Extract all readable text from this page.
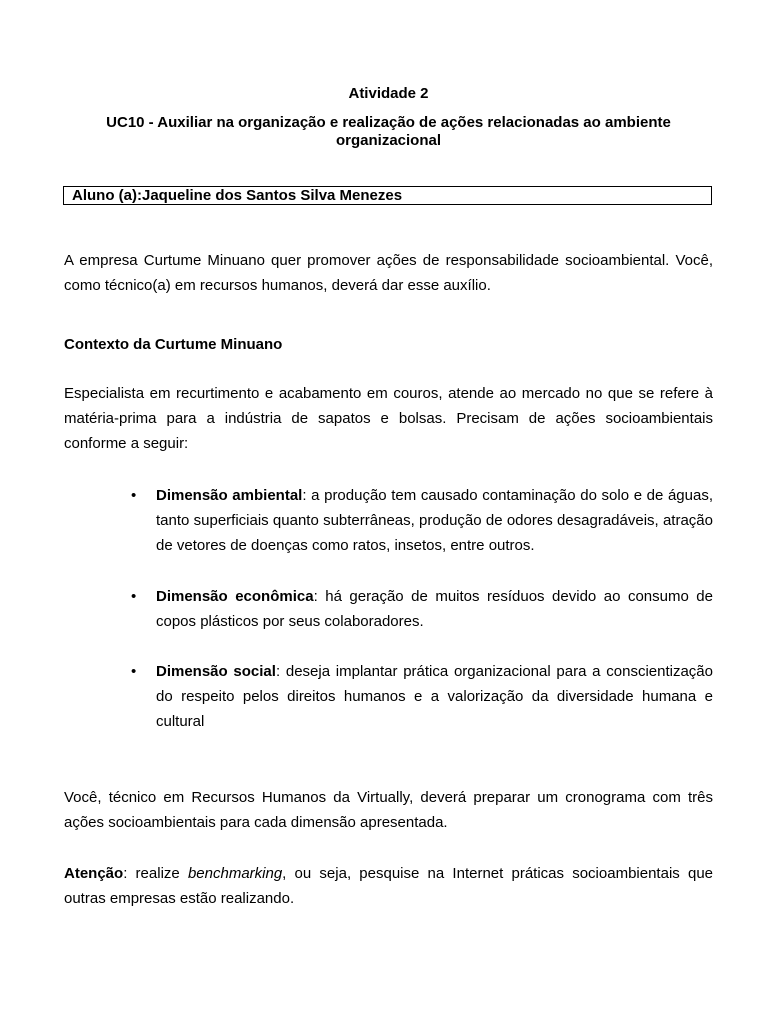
Atividade 2
UC10 - Auxiliar na organização e realização de ações relacionadas ao ambiente organizacional
Aluno (a):Jaqueline dos Santos Silva Menezes

A empresa Curtume Minuano quer promover ações de responsabilidade socioambiental. Você, como técnico(a) em recursos humanos, deverá dar esse auxílio.

Contexto da Curtume Minuano

Especialista em recurtimento e acabamento em couros, atende ao mercado no que se refere à matéria-prima para a indústria de sapatos e bolsas. Precisam de ações socioambientais conforme a seguir:

• Dimensão ambiental: a produção tem causado contaminação do solo e de águas, tanto superficiais quanto subterrâneas, produção de odores desagradáveis, atração de vetores de doenças como ratos, insetos, entre outros.

• Dimensão econômica: há geração de muitos resíduos devido ao consumo de copos plásticos por seus colaboradores.

• Dimensão social: deseja implantar prática organizacional para a conscientização do respeito pelos direitos humanos e a valorização da diversidade humana e cultural

Você, técnico em Recursos Humanos da Virtually, deverá preparar um cronograma com três ações socioambientais para cada dimensão apresentada.

Atenção: realize benchmarking, ou seja, pesquise na Internet práticas socioambientais que outras empresas estão realizando.
